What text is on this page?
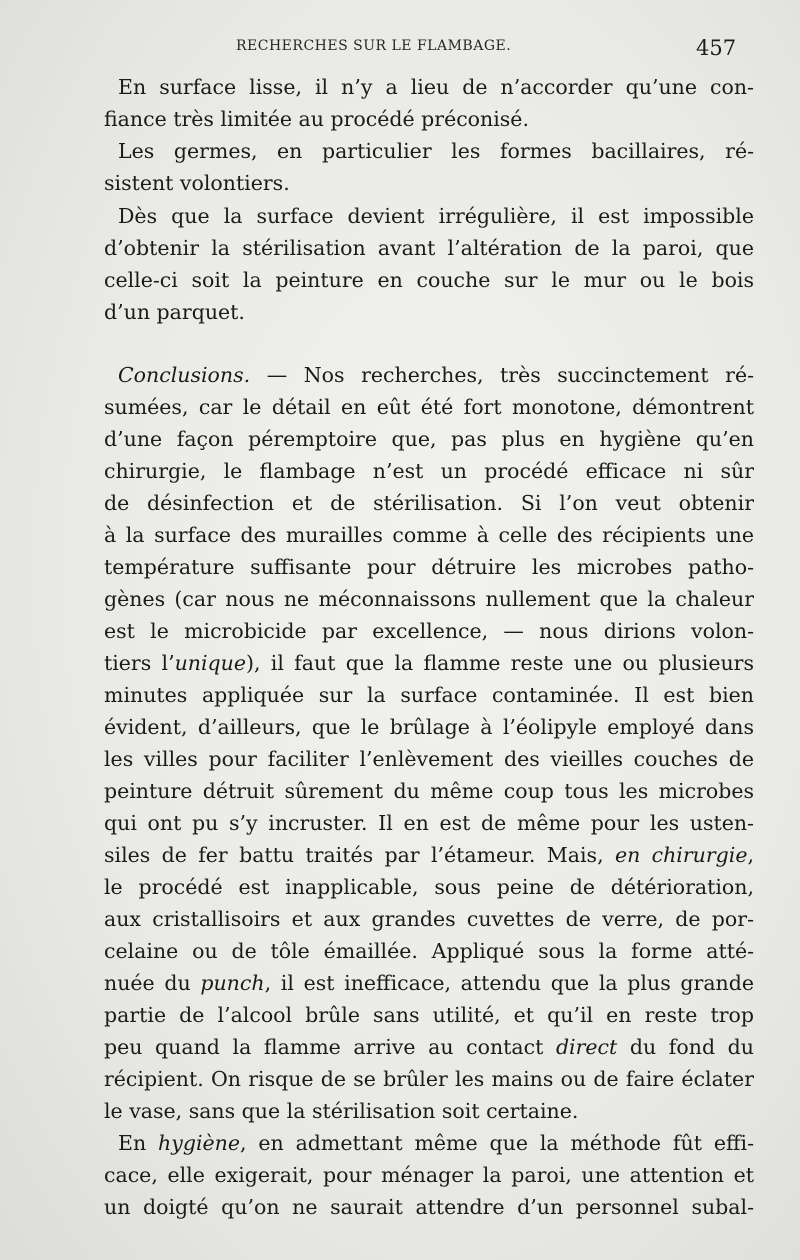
RECHERCHES SUR LE FLAMBAGE.	457
En surface lisse, il n’y a lieu de n’accorder qu’une con-
fiance très limitée au procédé préconisé.
Les germes, en particulier les formes bacillaires, ré-
sistent volontiers.
Dès que la surface devient irrégulière, il est impossible
d’obtenir la stérilisation avant l’altération de la paroi, que
celle-ci soit la peinture en couche sur le mur ou le bois
d’un parquet.
Conclusions. — Nos recherches, très succinctement ré-
sumées, car le détail en eût été fort monotone, démontrent
d’une façon péremptoire que, pas plus en hygiène qu’en
chirurgie, le flambage n’est un procédé efficace ni sûr
de désinfection et de stérilisation. Si l’on veut obtenir
à la surface des murailles comme à celle des récipients une
température suffisante pour détruire les microbes patho-
gènes (car nous ne méconnaissons nullement que la chaleur
est le microbicide par excellence, — nous dirions volon-
tiers l’unique), il faut que la flamme reste une ou plusieurs
minutes appliquée sur la surface contaminée. Il est bien
évident, d’ailleurs, que le brûlage à l’éolipyle employé dans
les villes pour faciliter l’enlèvement des vieilles couches de
peinture détruit sûrement du même coup tous les microbes
qui ont pu s’y incruster. Il en est de même pour les usten-
siles de fer battu traités par l’étameur. Mais, en chirurgie,
le procédé est inapplicable, sous peine de détérioration,
aux cristallisoirs et aux grandes cuvettes de verre, de por-
celaine ou de tôle émaillée. Appliqué sous la forme atté-
nuée du punch, il est inefficace, attendu que la plus grande
partie de l’alcool brûle sans utilité, et qu’il en reste trop
peu quand la flamme arrive au contact direct du fond du
récipient. On risque de se brûler les mains ou de faire éclater
le vase, sans que la stérilisation soit certaine.
En hygiène, en admettant même que la méthode fût effi-
cace, elle exigerait, pour ménager la paroi, une attention et
un doigté qu’on ne saurait attendre d’un personnel subal-
